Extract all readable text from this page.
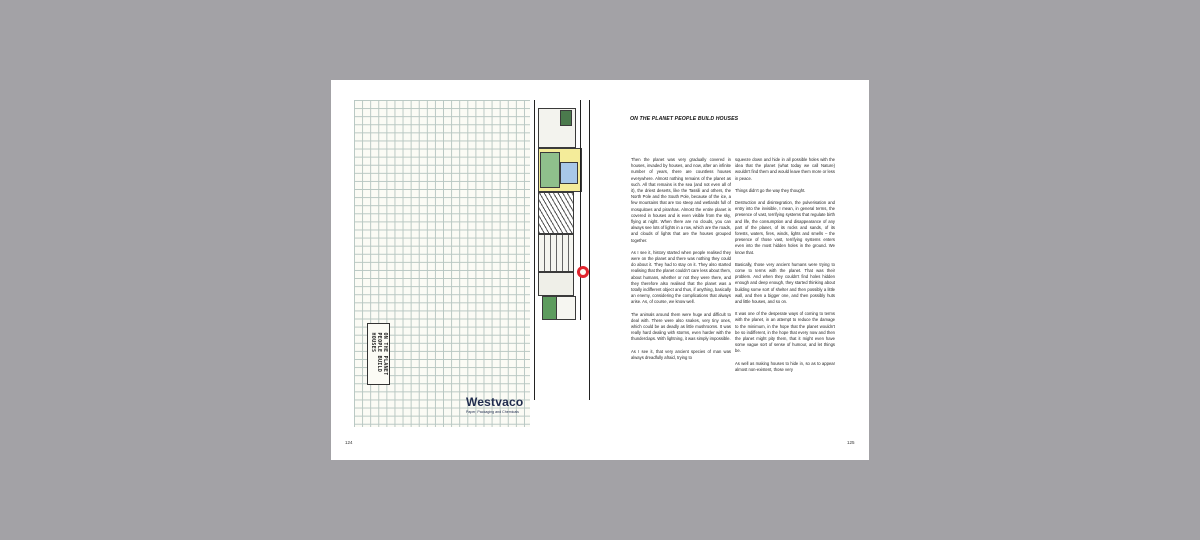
ON THE PLANET
PEOPLE BUILD
HOUSES
Westvaco
Paper, Packaging and Chemicals
124
ON THE PLANET PEOPLE BUILD HOUSES

Then the planet was very gradually covered in houses, invaded by houses, and now, after an infinite number of years, there are countless houses everywhere. Almost nothing remains of the planet as such. All that remains is the sea (and not even all of it), the driest deserts, like the Tassili and others, the North Pole and the South Pole, because of the ice, a few mountains that are too steep and wetlands full of mosquitoes and piranhas. Almost the entire planet is covered in houses and is even visible from the sky, flying at night. When there are no clouds, you can always see lots of lights in a row, which are the roads, and clouds of lights that are the houses grouped together.

As I see it, history started when people realised they were on the planet and there was nothing they could do about it. They had to stay on it. They also started realising that the planet couldn't care less about them, about humans, whether or not they were there, and they therefore also realised that the planet was a totally indifferent object and thus, if anything, basically an enemy, considering the complications that always arise. As, of course, we know well.

The animals around them were huge and difficult to deal with. There were also snakes, very tiny ones, which could be as deadly as little mushrooms. It was really hard dealing with storms, even harder with the thunderclaps. With lightning, it was simply impossible.

As I see it, that very ancient species of man was always dreadfully afraid, trying to

squeeze down and hide in all possible holes with the idea that the planet (what today we call Nature) wouldn't find them and would leave them more or less in peace.

Things didn't go the way they thought.

Destruction and disintegration, the pulverisation and entry into the invisible, I mean, in general terms, the presence of vast, terrifying systems that regulate birth and life, the consumption and disappearance of any part of the planet, of its rocks and sands, of its forests, waters, fires, winds, lights and smells – the presence of those vast, terrifying systems enters even into the most hidden holes in the ground. We know that.

Basically, those very ancient humans were trying to come to terms with the planet. That was their problem. And when they couldn't find holes hidden enough and deep enough, they started thinking about building some sort of shelter and then possibly a little wall, and then a bigger one, and then possibly huts and little houses, and so on.

It was one of the desperate ways of coming to terms with the planet, in an attempt to reduce the damage to the minimum, in the hope that the planet wouldn't be so indifferent, in the hope that every now and then the planet might pity them, that it might even have some vague sort of sense of humour, and let things be.

As well as making houses to hide in, so as to appear almost non-existent, those very

125
